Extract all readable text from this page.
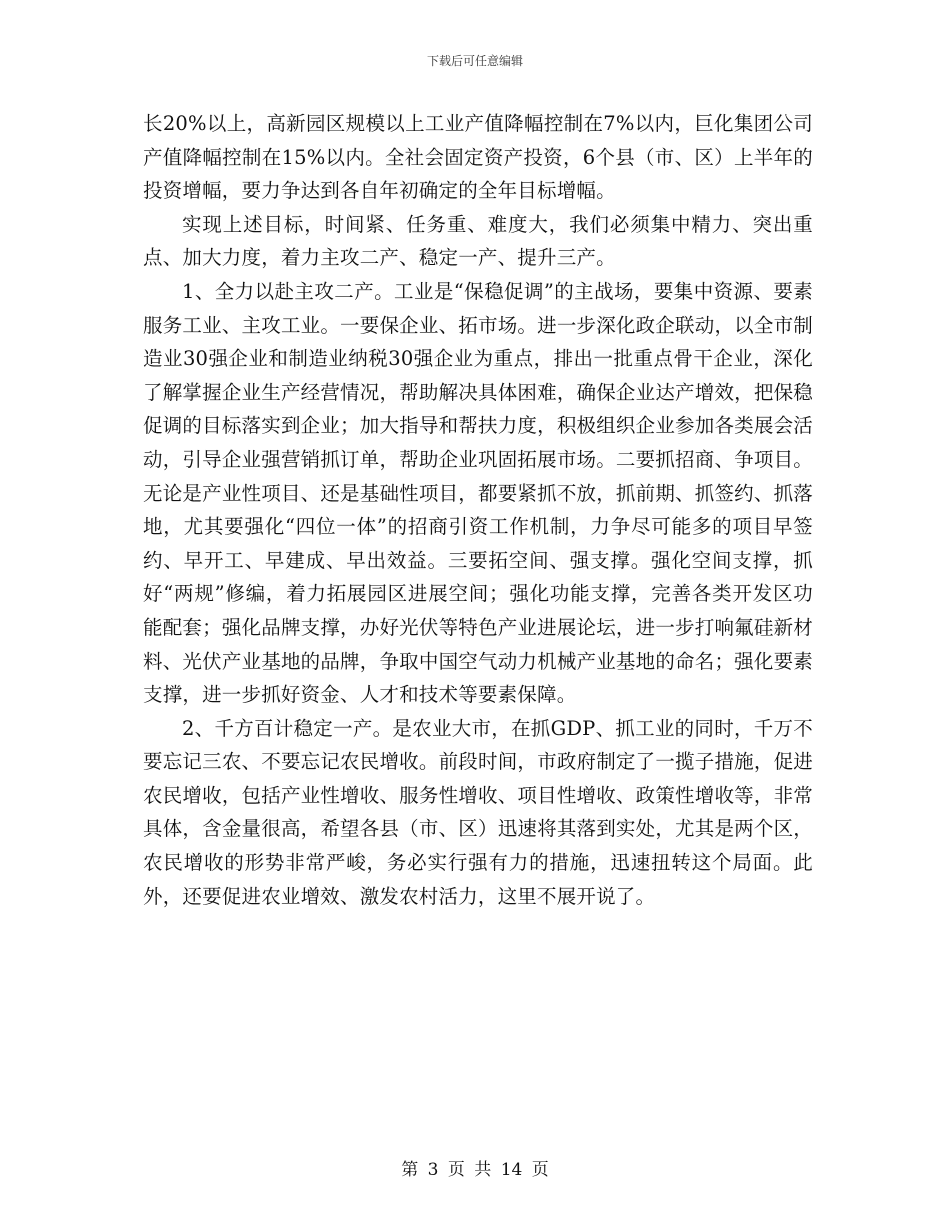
下载后可任意编辑

长20%以上，高新园区规模以上工业产值降幅控制在7%以内，巨化集团公司产值降幅控制在15%以内。全社会固定资产投资，6个县（市、区）上半年的投资增幅，要力争达到各自年初确定的全年目标增幅。

实现上述目标，时间紧、任务重、难度大，我们必须集中精力、突出重点、加大力度，着力主攻二产、稳定一产、提升三产。

1、全力以赴主攻二产。工业是“保稳促调”的主战场，要集中资源、要素服务工业、主攻工业。一要保企业、拓市场。进一步深化政企联动，以全市制造业30强企业和制造业纳税30强企业为重点，排出一批重点骨干企业，深化了解掌握企业生产经营情况，帮助解决具体困难，确保企业达产增效，把保稳促调的目标落实到企业；加大指导和帮扶力度，积极组织企业参加各类展会活动，引导企业强营销抓订单，帮助企业巩固拓展市场。二要抓招商、争项目。无论是产业性项目、还是基础性项目，都要紧抓不放，抓前期、抓签约、抓落地，尤其要强化“四位一体”的招商引资工作机制，力争尽可能多的项目早签约、早开工、早建成、早出效益。三要拓空间、强支撑。强化空间支撑，抓好“两规”修编，着力拓展园区进展空间；强化功能支撑，完善各类开发区功能配套；强化品牌支撑，办好光伏等特色产业进展论坛，进一步打响氟硅新材料、光伏产业基地的品牌，争取中国空气动力机械产业基地的命名；强化要素支撑，进一步抓好资金、人才和技术等要素保障。

2、千方百计稳定一产。是农业大市，在抓GDP、抓工业的同时，千万不要忘记三农、不要忘记农民增收。前段时间，市政府制定了一揽子措施，促进农民增收，包括产业性增收、服务性增收、项目性增收、政策性增收等，非常具体，含金量很高，希望各县（市、区）迅速将其落到实处，尤其是两个区，农民增收的形势非常严峻，务必实行强有力的措施，迅速扭转这个局面。此外，还要促进农业增效、激发农村活力，这里不展开说了。

第 3 页 共 14 页
